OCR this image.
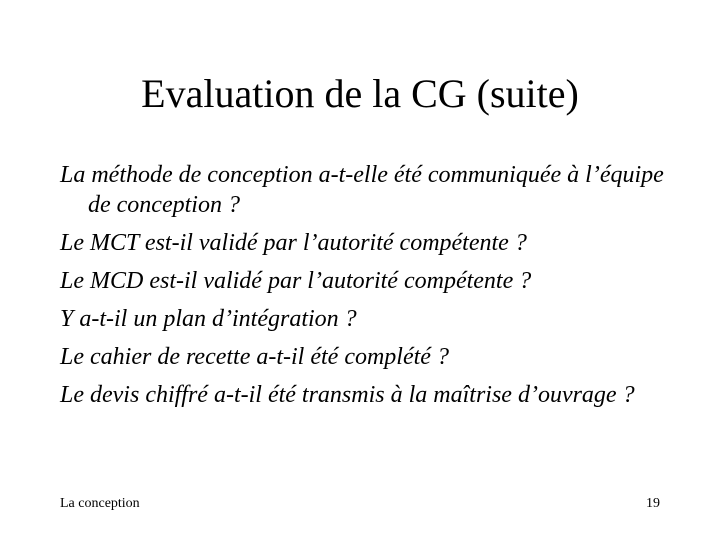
Evaluation de la CG (suite)
La méthode de conception a-t-elle été communiquée à l’équipe de conception ?
Le MCT est-il validé par l’autorité compétente ?
Le MCD est-il validé par l’autorité compétente ?
Y a-t-il un plan d’intégration ?
Le cahier de recette a-t-il été complété ?
Le devis chiffré a-t-il été transmis à la maîtrise d’ouvrage ?
La conception	19
